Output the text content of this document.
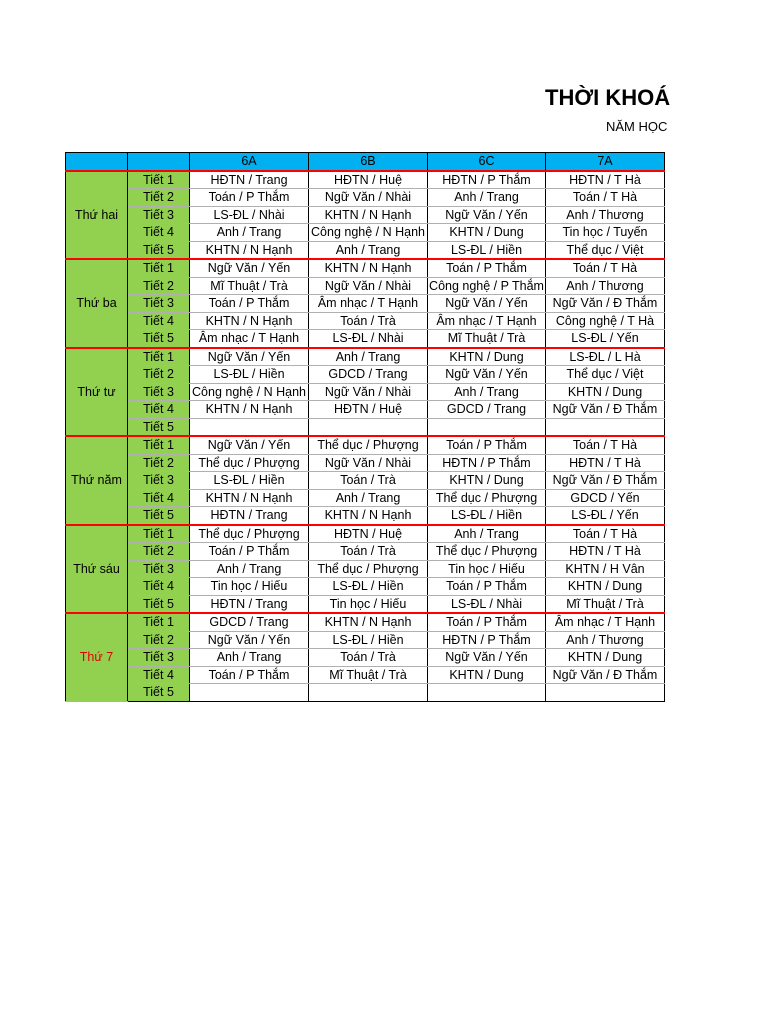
THỜI KHOÁ
NĂM HỌC
		6A	6B	6C	7A
Thứ hai	Tiết 1	HĐTN / Trang	HĐTN / Huệ	HĐTN / P Thắm	HĐTN / T Hà
	Tiết 2	Toán / P Thắm	Ngữ Văn / Nhài	Anh / Trang	Toán / T Hà
	Tiết 3	LS-ĐL / Nhài	KHTN / N Hạnh	Ngữ Văn / Yến	Anh / Thương
	Tiết 4	Anh / Trang	Công nghệ / N Hạnh	KHTN / Dung	Tin học / Tuyến
	Tiết 5	KHTN / N Hạnh	Anh / Trang	LS-ĐL / Hiền	Thể dục / Việt
Thứ ba	Tiết 1	Ngữ Văn / Yến	KHTN / N Hạnh	Toán / P Thắm	Toán / T Hà
	Tiết 2	Mĩ Thuật / Trà	Ngữ Văn / Nhài	Công nghệ / P Thắm	Anh / Thương
	Tiết 3	Toán / P Thắm	Âm nhạc / T Hạnh	Ngữ Văn / Yến	Ngữ Văn / Đ Thắm
	Tiết 4	KHTN / N Hạnh	Toán / Trà	Âm nhạc / T Hạnh	Công nghệ / T Hà
	Tiết 5	Âm nhạc / T Hạnh	LS-ĐL / Nhài	Mĩ Thuật / Trà	LS-ĐL / Yến
Thứ tư	Tiết 1	Ngữ Văn / Yến	Anh / Trang	KHTN / Dung	LS-ĐL / L Hà
	Tiết 2	LS-ĐL / Hiền	GDCD / Trang	Ngữ Văn / Yến	Thể dục / Việt
	Tiết 3	Công nghệ / N Hạnh	Ngữ Văn / Nhài	Anh / Trang	KHTN / Dung
	Tiết 4	KHTN / N Hạnh	HĐTN / Huệ	GDCD / Trang	Ngữ Văn / Đ Thắm
	Tiết 5				
Thứ năm	Tiết 1	Ngữ Văn / Yến	Thể dục / Phượng	Toán / P Thắm	Toán / T Hà
	Tiết 2	Thể dục / Phượng	Ngữ Văn / Nhài	HĐTN / P Thắm	HĐTN / T Hà
	Tiết 3	LS-ĐL / Hiền	Toán / Trà	KHTN / Dung	Ngữ Văn / Đ Thắm
	Tiết 4	KHTN / N Hạnh	Anh / Trang	Thể dục / Phượng	GDCD / Yến
	Tiết 5	HĐTN / Trang	KHTN / N Hạnh	LS-ĐL / Hiền	LS-ĐL / Yến
Thứ sáu	Tiết 1	Thể dục / Phượng	HĐTN / Huệ	Anh / Trang	Toán / T Hà
	Tiết 2	Toán / P Thắm	Toán / Trà	Thể dục / Phượng	HĐTN / T Hà
	Tiết 3	Anh / Trang	Thể dục / Phượng	Tin học / Hiếu	KHTN / H Vân
	Tiết 4	Tin học / Hiếu	LS-ĐL / Hiền	Toán / P Thắm	KHTN / Dung
	Tiết 5	HĐTN / Trang	Tin học / Hiếu	LS-ĐL / Nhài	Mĩ Thuật / Trà
Thứ 7	Tiết 1	GDCD / Trang	KHTN / N Hạnh	Toán / P Thắm	Âm nhạc / T Hạnh
	Tiết 2	Ngữ Văn / Yến	LS-ĐL / Hiền	HĐTN / P Thắm	Anh / Thương
	Tiết 3	Anh / Trang	Toán / Trà	Ngữ Văn / Yến	KHTN / Dung
	Tiết 4	Toán / P Thắm	Mĩ Thuật / Trà	KHTN / Dung	Ngữ Văn / Đ Thắm
	Tiết 5				
